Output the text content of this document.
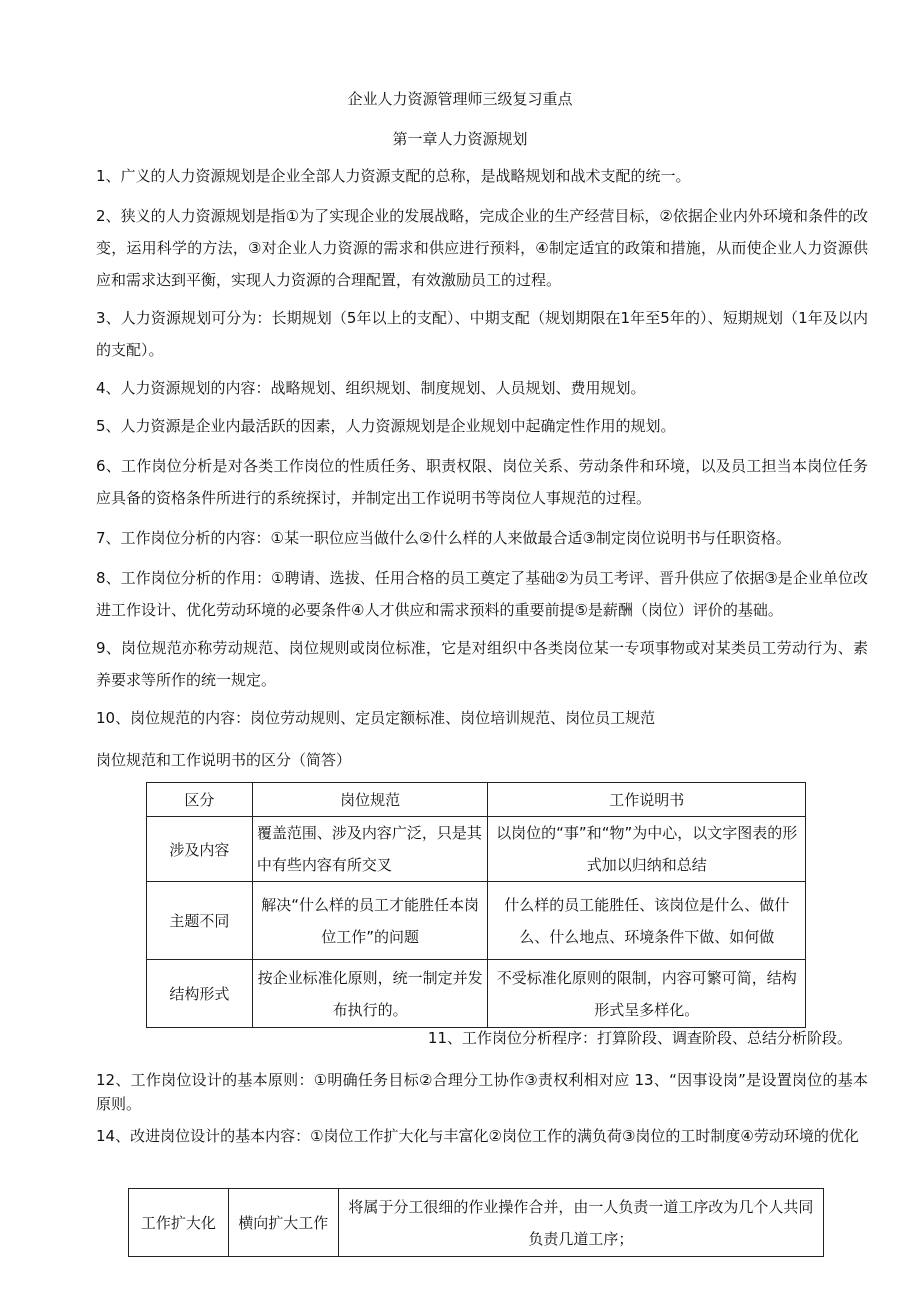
企业人力资源管理师三级复习重点
第一章人力资源规划

1、广义的人力资源规划是企业全部人力资源支配的总称，是战略规划和战术支配的统一。

2、狭义的人力资源规划是指①为了实现企业的发展战略，完成企业的生产经营目标，②依据企业内外环境和条件的改变，运用科学的方法，③对企业人力资源的需求和供应进行预料，④制定适宜的政策和措施，从而使企业人力资源供应和需求达到平衡，实现人力资源的合理配置，有效激励员工的过程。

3、人力资源规划可分为：长期规划（5年以上的支配）、中期支配（规划期限在1年至5年的）、短期规划（1年及以内的支配）。

4、人力资源规划的内容：战略规划、组织规划、制度规划、人员规划、费用规划。

5、人力资源是企业内最活跃的因素，人力资源规划是企业规划中起确定性作用的规划。

6、工作岗位分析是对各类工作岗位的性质任务、职责权限、岗位关系、劳动条件和环境，以及员工担当本岗位任务应具备的资格条件所进行的系统探讨，并制定出工作说明书等岗位人事规范的过程。

7、工作岗位分析的内容：①某一职位应当做什么②什么样的人来做最合适③制定岗位说明书与任职资格。

8、工作岗位分析的作用：①聘请、选拔、任用合格的员工奠定了基础②为员工考评、晋升供应了依据③是企业单位改进工作设计、优化劳动环境的必要条件④人才供应和需求预料的重要前提⑤是薪酬（岗位）评价的基础。

9、岗位规范亦称劳动规范、岗位规则或岗位标准，它是对组织中各类岗位某一专项事物或对某类员工劳动行为、素养要求等所作的统一规定。

10、岗位规范的内容：岗位劳动规则、定员定额标准、岗位培训规范、岗位员工规范

岗位规范和工作说明书的区分（简答）

区分	岗位规范	工作说明书
涉及内容	覆盖范围、涉及内容广泛，只是其中有些内容有所交叉	以岗位的“事”和“物”为中心，以文字图表的形式加以归纳和总结
主题不同	解决“什么样的员工才能胜任本岗位工作”的问题	什么样的员工能胜任、该岗位是什么、做什么、什么地点、环境条件下做、如何做
结构形式	按企业标准化原则，统一制定并发布执行的。	不受标准化原则的限制，内容可繁可简，结构形式呈多样化。

11、工作岗位分析程序：打算阶段、调查阶段、总结分析阶段。

12、工作岗位设计的基本原则：①明确任务目标②合理分工协作③责权利相对应 13、“因事设岗”是设置岗位的基本原则。

14、改进岗位设计的基本内容：①岗位工作扩大化与丰富化②岗位工作的满负荷③岗位的工时制度④劳动环境的优化

工作扩大化	横向扩大工作	将属于分工很细的作业操作合并，由一人负责一道工序改为几个人共同负责几道工序；
